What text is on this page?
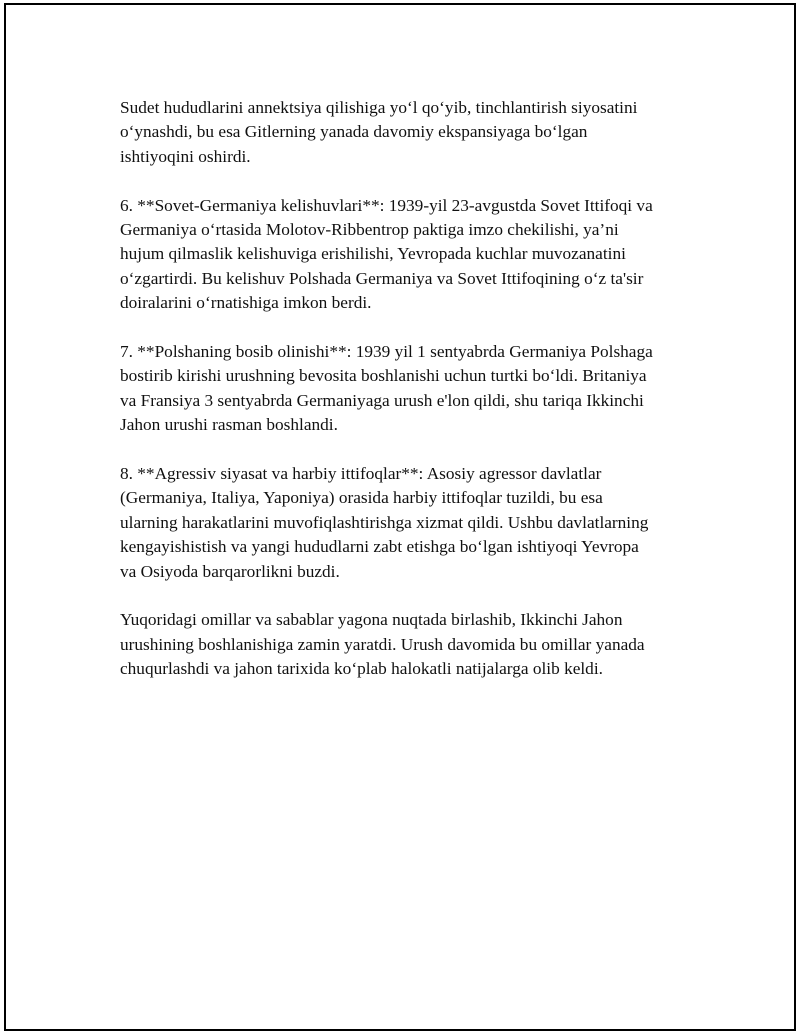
Sudet hududlarini annektsiya qilishiga yoʻl qoʻyib, tinchlantirish siyosatini
oʻynashdi, bu esa Gitlerning yanada davomiy ekspansiyaga boʻlgan
ishtiyoqini oshirdi.

6. **Sovet-Germaniya kelishuvlari**: 1939-yil 23-avgustda Sovet Ittifoqi va
Germaniya oʻrtasida Molotov-Ribbentrop paktiga imzo chekilishi, ya’ni
hujum qilmaslik kelishuviga erishilishi, Yevropada kuchlar muvozanatini
oʻzgartirdi. Bu kelishuv Polshada Germaniya va Sovet Ittifoqining oʻz ta'sir
doiralarini oʻrnatishiga imkon berdi.

7. **Polshaning bosib olinishi**: 1939 yil 1 sentyabrda Germaniya Polshaga
bostirib kirishi urushning bevosita boshlanishi uchun turtki boʻldi. Britaniya
va Fransiya 3 sentyabrda Germaniyaga urush e'lon qildi, shu tariqa Ikkinchi
Jahon urushi rasman boshlandi.

8. **Agressiv siyasat va harbiy ittifoqlar**: Asosiy agressor davlatlar
(Germaniya, Italiya, Yaponiya) orasida harbiy ittifoqlar tuzildi, bu esa
ularning harakatlarini muvofiqlashtirishga xizmat qildi. Ushbu davlatlarning
kengayishistish va yangi hududlarni zabt etishga boʻlgan ishtiyoqi Yevropa
va Osiyoda barqarorlikni buzdi.

Yuqoridagi omillar va sabablar yagona nuqtada birlashib, Ikkinchi Jahon
urushining boshlanishiga zamin yaratdi. Urush davomida bu omillar yanada
chuqurlashdi va jahon tarixida koʻplab halokatli natijalarga olib keldi.
